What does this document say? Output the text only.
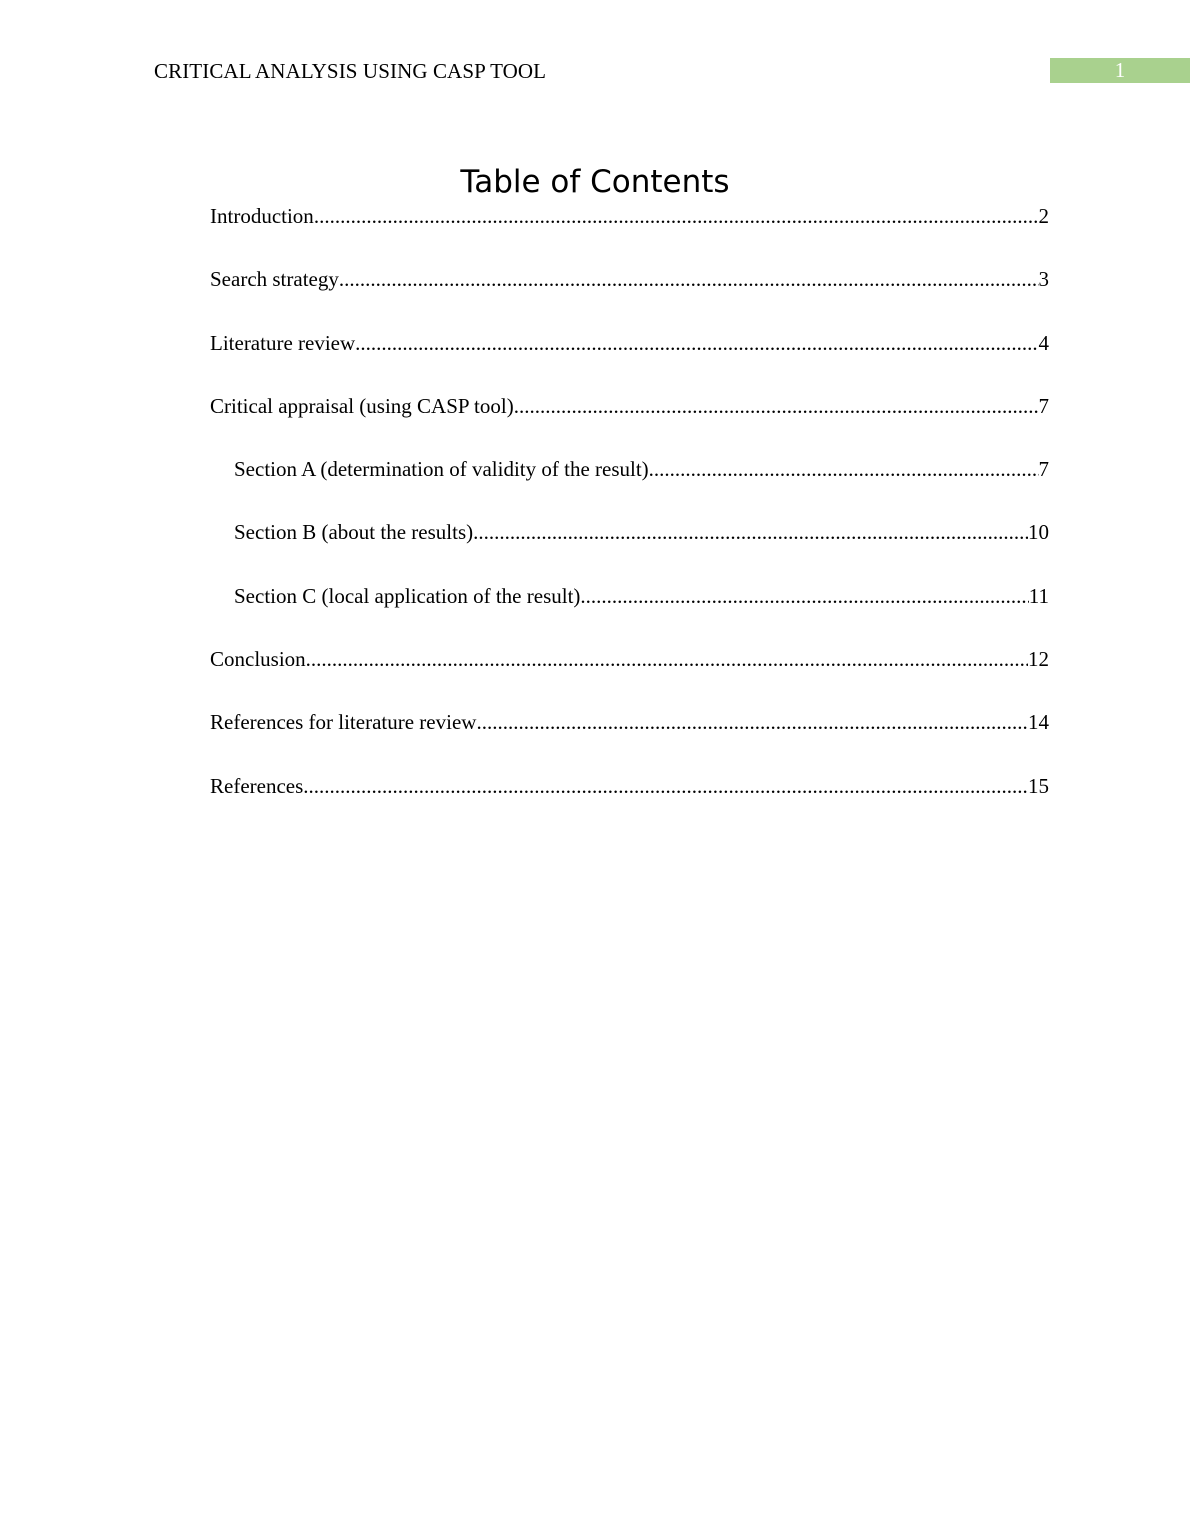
CRITICAL ANALYSIS USING CASP TOOL	1
Table of Contents
Introduction .....	2
Search strategy .....	3
Literature review .....	4
Critical appraisal (using CASP tool) .....	7
Section A (determination of validity of the result) .....	7
Section B (about the results) .....	10
Section C (local application of the result) .....	11
Conclusion .....	12
References for literature review .....	14
References .....	15
